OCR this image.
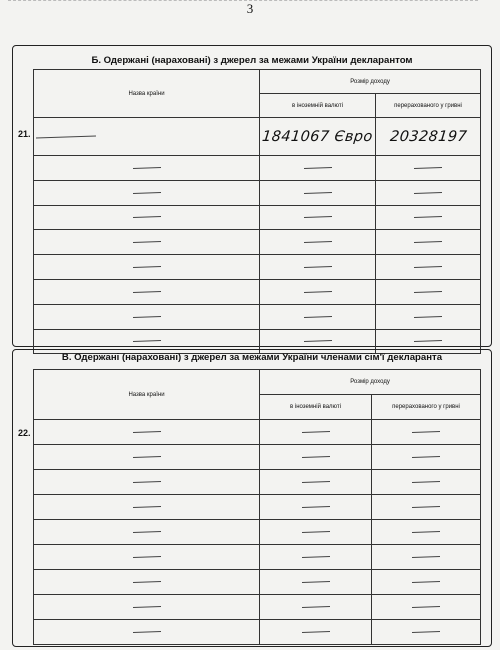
3
Б. Одержані (нараховані) з джерел за межами України декларантом
21.
Назва країни	Розмір доходу	
	в іноземній валюті	перерахованого у гривні

	1841067 Євро	20328197

В. Одержані (нараховані) з джерел за межами України членами сім'ї декларанта
22.
Назва країни	Розмір доходу	
	в іноземній валюті	перерахованого у гривні
